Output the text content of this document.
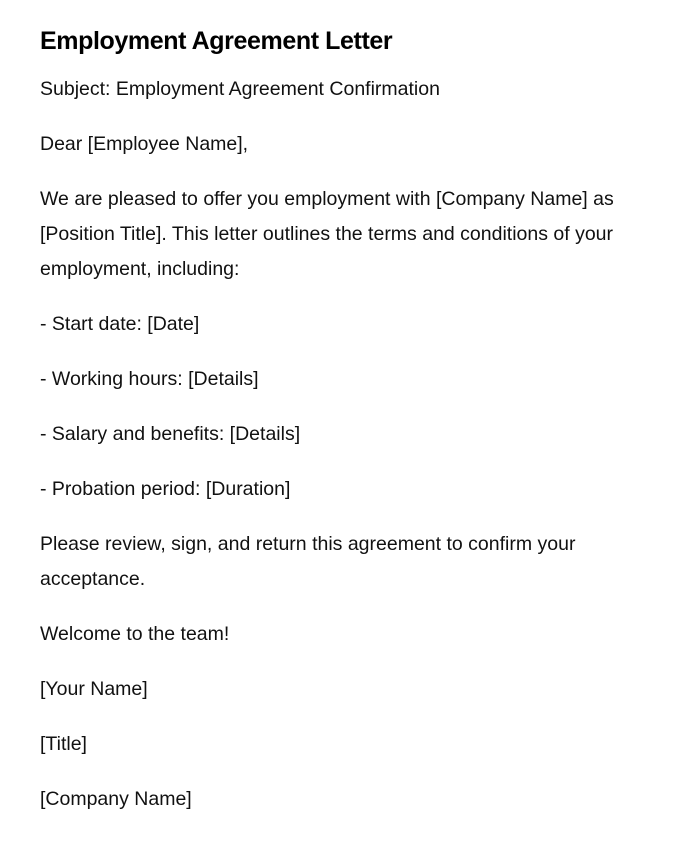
Employment Agreement Letter

Subject: Employment Agreement Confirmation

Dear [Employee Name],

We are pleased to offer you employment with [Company Name] as [Position Title]. This letter outlines the terms and conditions of your employment, including:

- Start date: [Date]

- Working hours: [Details]

- Salary and benefits: [Details]

- Probation period: [Duration]

Please review, sign, and return this agreement to confirm your acceptance.

Welcome to the team!

[Your Name]

[Title]

[Company Name]
